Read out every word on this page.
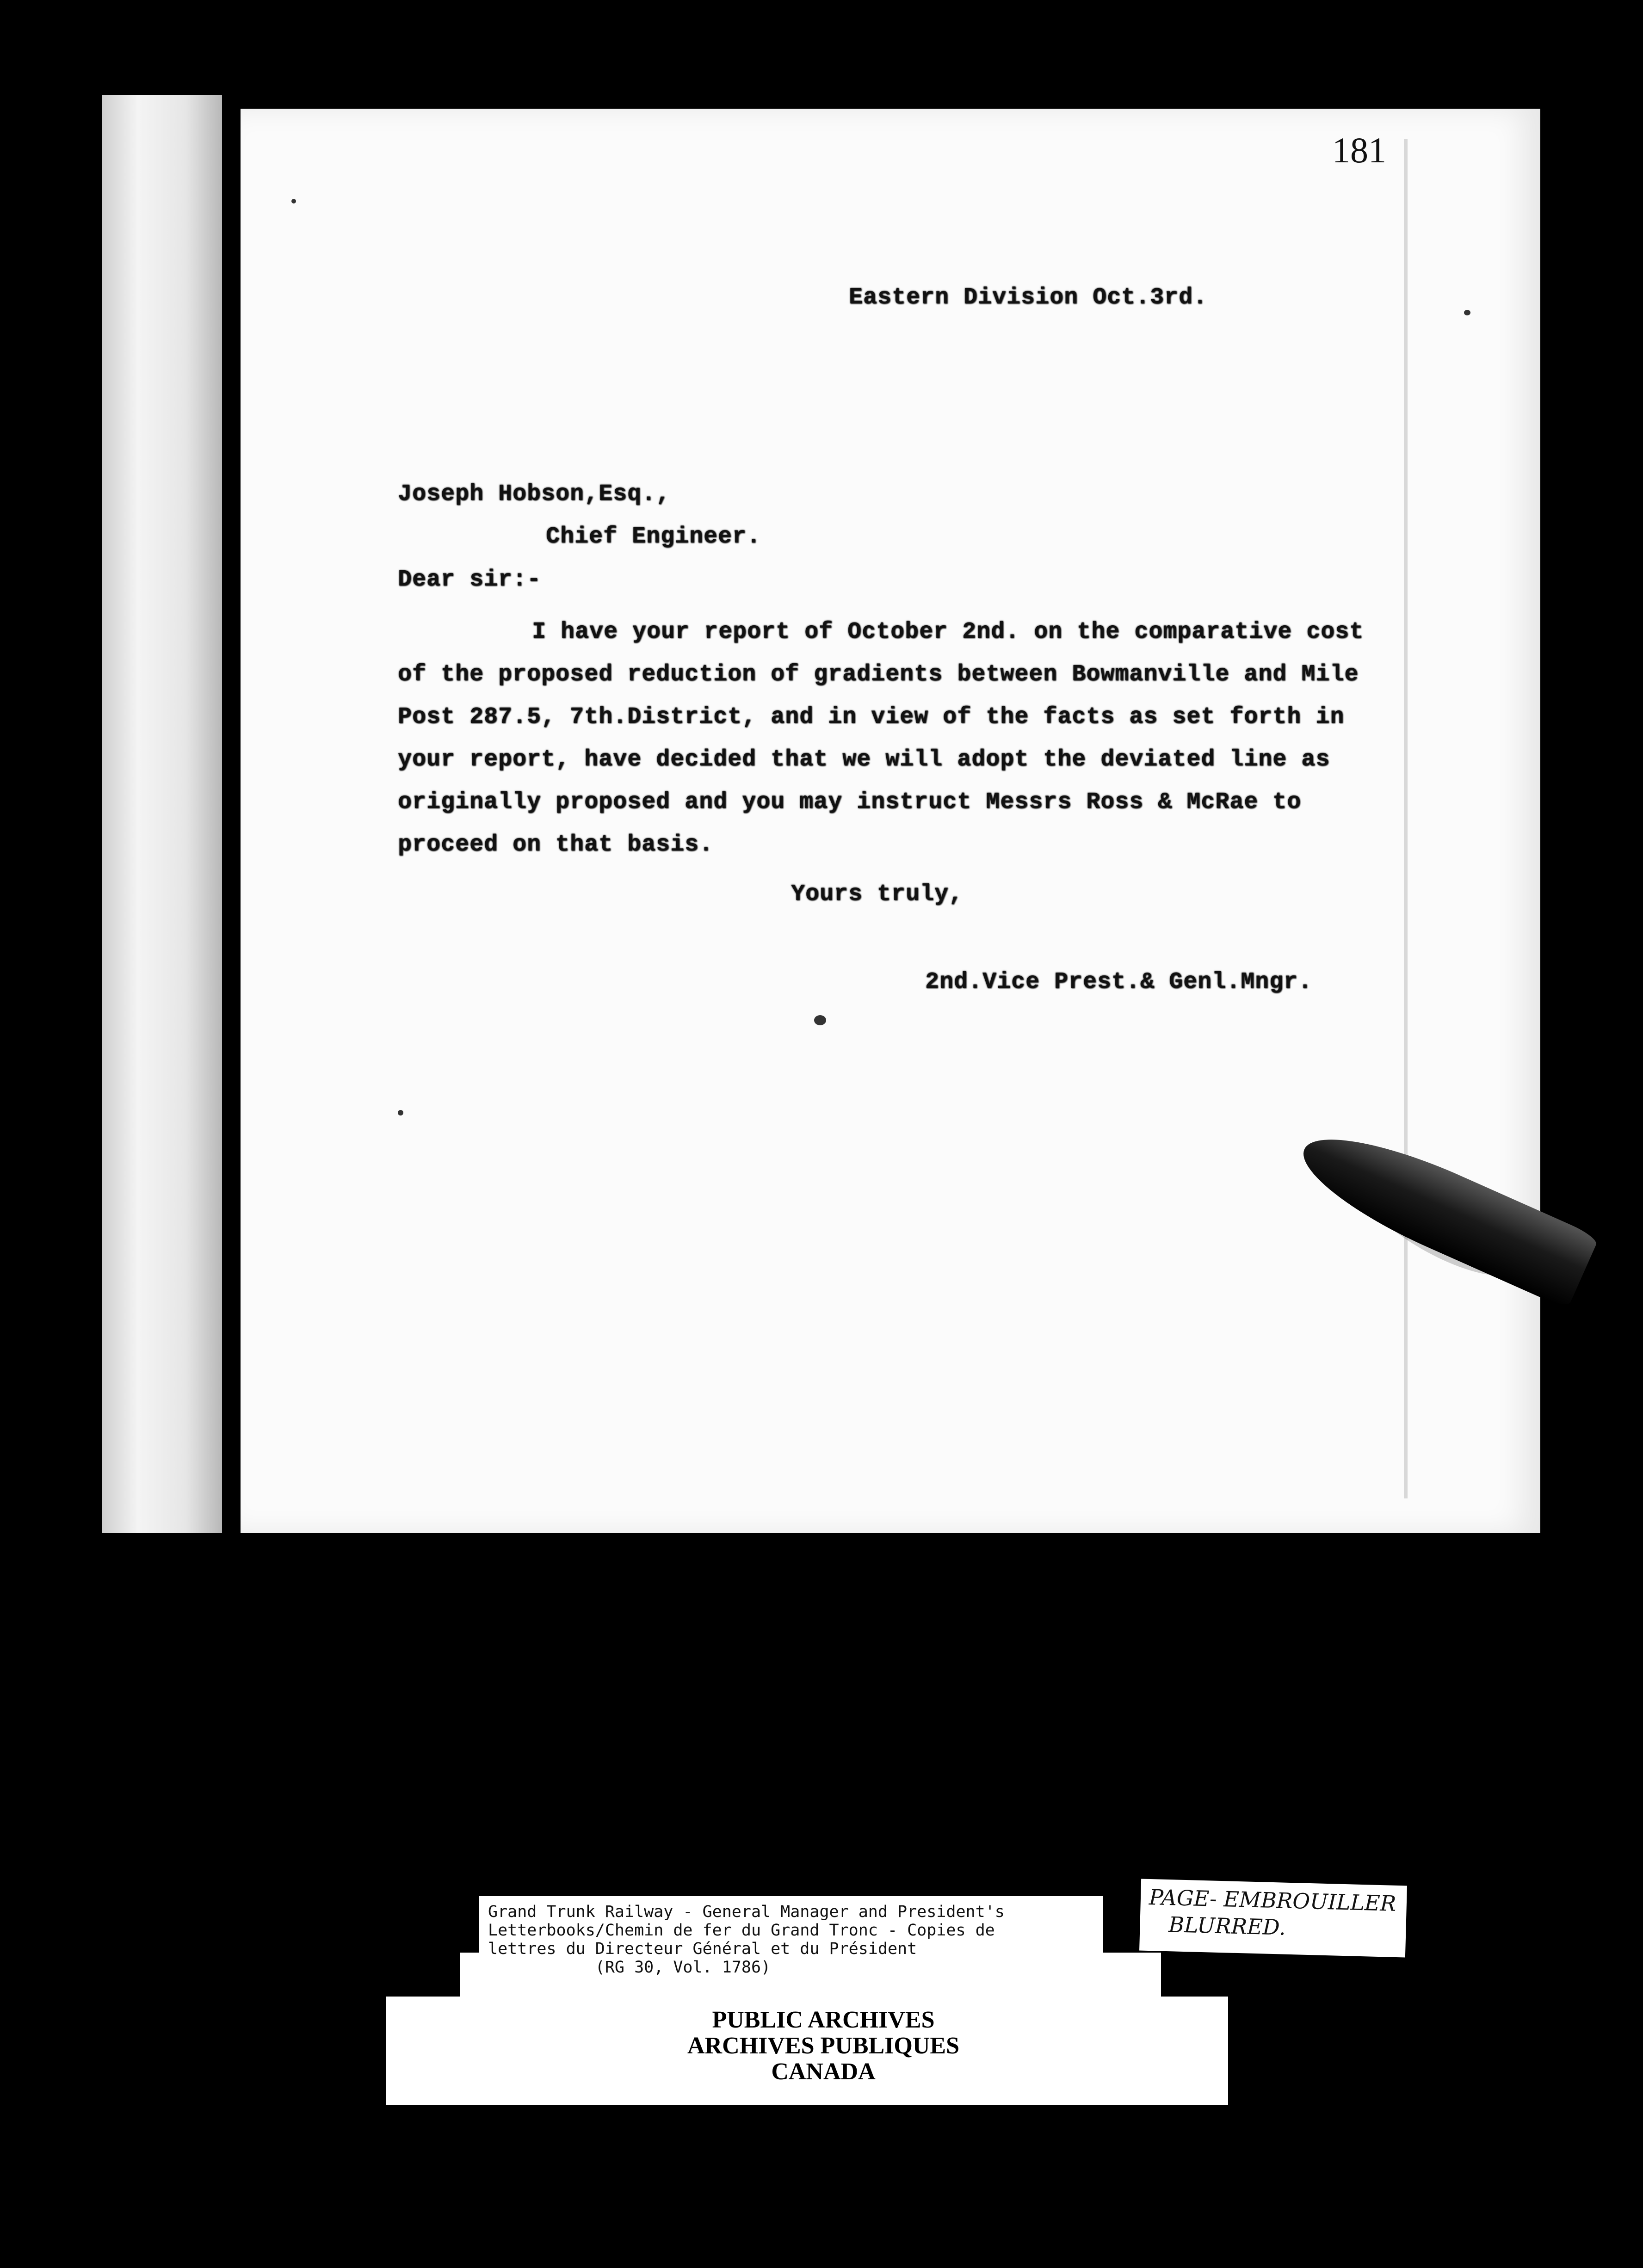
181
Eastern Division Oct.3rd.
Joseph Hobson,Esq.,
Chief Engineer.
Dear sir:-
I have your report of October 2nd. on the comparative cost
of the proposed reduction of gradients between Bowmanville and Mile
Post 287.5, 7th.District, and in view of the facts as set forth in
your report, have decided that we will adopt the deviated line as
originally proposed and you may instruct Messrs Ross & McRae to
proceed on that basis.
Yours truly,
2nd.Vice Prest.& Genl.Mngr.
Grand Trunk Railway - General Manager and President's
Letterbooks/Chemin de fer du Grand Tronc - Copies de
lettres du Directeur Général et du Président
(RG 30, Vol. 1786)
PUBLIC ARCHIVES
ARCHIVES PUBLIQUES
CANADA
PAGE- EMBROUILLER
BLURRED.
